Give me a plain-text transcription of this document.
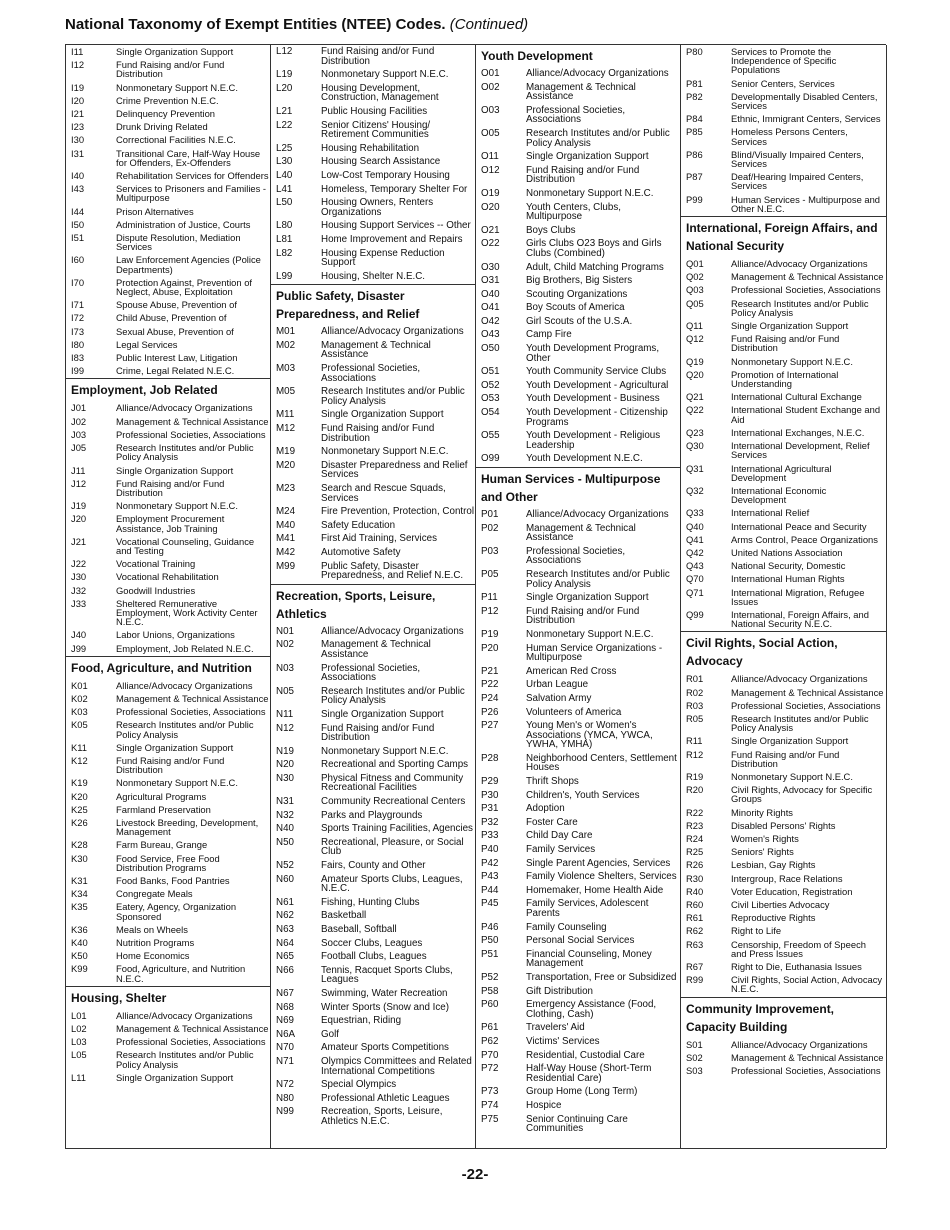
National Taxonomy of Exempt Entities (NTEE) Codes. (Continued)
I11	Single Organization Support
I12	Fund Raising and/or Fund Distribution
I19	Nonmonetary Support N.E.C.
I20	Crime Prevention N.E.C.
I21	Delinquency Prevention
I23	Drunk Driving Related
I30	Correctional Facilities N.E.C.
I31	Transitional Care, Half-Way House for Offenders, Ex-Offenders
I40	Rehabilitation Services for Offenders
I43	Services to Prisoners and Families - Multipurpose
I44	Prison Alternatives
I50	Administration of Justice, Courts
I51	Dispute Resolution, Mediation Services
I60	Law Enforcement Agencies (Police Departments)
I70	Protection Against, Prevention of Neglect, Abuse, Exploitation
I71	Spouse Abuse, Prevention of
I72	Child Abuse, Prevention of
I73	Sexual Abuse, Prevention of
I80	Legal Services
I83	Public Interest Law, Litigation
I99	Crime, Legal Related N.E.C.
Employment, Job Related
J01	Alliance/Advocacy Organizations
J02	Management & Technical Assistance
J03	Professional Societies, Associations
J05	Research Institutes and/or Public Policy Analysis
J11	Single Organization Support
J12	Fund Raising and/or Fund Distribution
J19	Nonmonetary Support N.E.C.
J20	Employment Procurement Assistance, Job Training
J21	Vocational Counseling, Guidance and Testing
J22	Vocational Training
J30	Vocational Rehabilitation
J32	Goodwill Industries
J33	Sheltered Remunerative Employment, Work Activity Center N.E.C.
J40	Labor Unions, Organizations
J99	Employment, Job Related N.E.C.
Food, Agriculture, and Nutrition
K01	Alliance/Advocacy Organizations
K02	Management & Technical Assistance
K03	Professional Societies, Associations
K05	Research Institutes and/or Public Policy Analysis
K11	Single Organization Support
K12	Fund Raising and/or Fund Distribution
K19	Nonmonetary Support N.E.C.
K20	Agricultural Programs
K25	Farmland Preservation
K26	Livestock Breeding, Development, Management
K28	Farm Bureau, Grange
K30	Food Service, Free Food Distribution Programs
K31	Food Banks, Food Pantries
K34	Congregate Meals
K35	Eatery, Agency, Organization Sponsored
K36	Meals on Wheels
K40	Nutrition Programs
K50	Home Economics
K99	Food, Agriculture, and Nutrition N.E.C.
Housing, Shelter
L01	Alliance/Advocacy Organizations
L02	Management & Technical Assistance
L03	Professional Societies, Associations
L05	Research Institutes and/or Public Policy Analysis
L11	Single Organization Support
L12	Fund Raising and/or Fund Distribution
L19	Nonmonetary Support N.E.C.
L20	Housing Development, Construction, Management
L21	Public Housing Facilities
L22	Senior Citizens' Housing/ Retirement Communities
L25	Housing Rehabilitation
L30	Housing Search Assistance
L40	Low-Cost Temporary Housing
L41	Homeless, Temporary Shelter For
L50	Housing Owners, Renters Organizations
L80	Housing Support Services -- Other
L81	Home Improvement and Repairs
L82	Housing Expense Reduction Support
L99	Housing, Shelter N.E.C.
Public Safety, Disaster Preparedness, and Relief
M01	Alliance/Advocacy Organizations
M02	Management & Technical Assistance
M03	Professional Societies, Associations
M05	Research Institutes and/or Public Policy Analysis
M11	Single Organization Support
M12	Fund Raising and/or Fund Distribution
M19	Nonmonetary Support N.E.C.
M20	Disaster Preparedness and Relief Services
M23	Search and Rescue Squads, Services
M24	Fire Prevention, Protection, Control
M40	Safety Education
M41	First Aid Training, Services
M42	Automotive Safety
M99	Public Safety, Disaster Preparedness, and Relief N.E.C.
Recreation, Sports, Leisure, Athletics
N01	Alliance/Advocacy Organizations
N02	Management & Technical Assistance
N03	Professional Societies, Associations
N05	Research Institutes and/or Public Policy Analysis
N11	Single Organization Support
N12	Fund Raising and/or Fund Distribution
N19	Nonmonetary Support N.E.C.
N20	Recreational and Sporting Camps
N30	Physical Fitness and Community Recreational Facilities
N31	Community Recreational Centers
N32	Parks and Playgrounds
N40	Sports Training Facilities, Agencies
N50	Recreational, Pleasure, or Social Club
N52	Fairs, County and Other
N60	Amateur Sports Clubs, Leagues, N.E.C.
N61	Fishing, Hunting Clubs
N62	Basketball
N63	Baseball, Softball
N64	Soccer Clubs, Leagues
N65	Football Clubs, Leagues
N66	Tennis, Racquet Sports Clubs, Leagues
N67	Swimming, Water Recreation
N68	Winter Sports (Snow and Ice)
N69	Equestrian, Riding
N6A	Golf
N70	Amateur Sports Competitions
N71	Olympics Committees and Related International Competitions
N72	Special Olympics
N80	Professional Athletic Leagues
N99	Recreation, Sports, Leisure, Athletics N.E.C.
Youth Development
O01	Alliance/Advocacy Organizations
O02	Management & Technical Assistance
O03	Professional Societies, Associations
O05	Research Institutes and/or Public Policy Analysis
O11	Single Organization Support
O12	Fund Raising and/or Fund Distribution
O19	Nonmonetary Support N.E.C.
O20	Youth Centers, Clubs, Multipurpose
O21	Boys Clubs
O22	Girls Clubs O23 Boys and Girls Clubs (Combined)
O30	Adult, Child Matching Programs
O31	Big Brothers, Big Sisters
O40	Scouting Organizations
O41	Boy Scouts of America
O42	Girl Scouts of the U.S.A.
O43	Camp Fire
O50	Youth Development Programs, Other
O51	Youth Community Service Clubs
O52	Youth Development - Agricultural
O53	Youth Development - Business
O54	Youth Development - Citizenship Programs
O55	Youth Development - Religious Leadership
O99	Youth Development N.E.C.
Human Services - Multipurpose and Other
P01	Alliance/Advocacy Organizations
P02	Management & Technical Assistance
P03	Professional Societies, Associations
P05	Research Institutes and/or Public Policy Analysis
P11	Single Organization Support
P12	Fund Raising and/or Fund Distribution
P19	Nonmonetary Support N.E.C.
P20	Human Service Organizations - Multipurpose
P21	American Red Cross
P22	Urban League
P24	Salvation Army
P26	Volunteers of America
P27	Young Men's or Women's Associations (YMCA, YWCA, YWHA, YMHA)
P28	Neighborhood Centers, Settlement Houses
P29	Thrift Shops
P30	Children's, Youth Services
P31	Adoption
P32	Foster Care
P33	Child Day Care
P40	Family Services
P42	Single Parent Agencies, Services
P43	Family Violence Shelters, Services
P44	Homemaker, Home Health Aide
P45	Family Services, Adolescent Parents
P46	Family Counseling
P50	Personal Social Services
P51	Financial Counseling, Money Management
P52	Transportation, Free or Subsidized
P58	Gift Distribution
P60	Emergency Assistance (Food, Clothing, Cash)
P61	Travelers' Aid
P62	Victims' Services
P70	Residential, Custodial Care
P72	Half-Way House (Short-Term Residential Care)
P73	Group Home (Long Term)
P74	Hospice
P75	Senior Continuing Care Communities
P80	Services to Promote the Independence of Specific Populations
P81	Senior Centers, Services
P82	Developmentally Disabled Centers, Services
P84	Ethnic, Immigrant Centers, Services
P85	Homeless Persons Centers, Services
P86	Blind/Visually Impaired Centers, Services
P87	Deaf/Hearing Impaired Centers, Services
P99	Human Services - Multipurpose and Other N.E.C.
International, Foreign Affairs, and National Security
Q01	Alliance/Advocacy Organizations
Q02	Management & Technical Assistance
Q03	Professional Societies, Associations
Q05	Research Institutes and/or Public Policy Analysis
Q11	Single Organization Support
Q12	Fund Raising and/or Fund Distribution
Q19	Nonmonetary Support N.E.C.
Q20	Promotion of International Understanding
Q21	International Cultural Exchange
Q22	International Student Exchange and Aid
Q23	International Exchanges, N.E.C.
Q30	International Development, Relief Services
Q31	International Agricultural Development
Q32	International Economic Development
Q33	International Relief
Q40	International Peace and Security
Q41	Arms Control, Peace Organizations
Q42	United Nations Association
Q43	National Security, Domestic
Q70	International Human Rights
Q71	International Migration, Refugee Issues
Q99	International, Foreign Affairs, and National Security N.E.C.
Civil Rights, Social Action, Advocacy
R01	Alliance/Advocacy Organizations
R02	Management & Technical Assistance
R03	Professional Societies, Associations
R05	Research Institutes and/or Public Policy Analysis
R11	Single Organization Support
R12	Fund Raising and/or Fund Distribution
R19	Nonmonetary Support N.E.C.
R20	Civil Rights, Advocacy for Specific Groups
R22	Minority Rights
R23	Disabled Persons' Rights
R24	Women's Rights
R25	Seniors' Rights
R26	Lesbian, Gay Rights
R30	Intergroup, Race Relations
R40	Voter Education, Registration
R60	Civil Liberties Advocacy
R61	Reproductive Rights
R62	Right to Life
R63	Censorship, Freedom of Speech and Press Issues
R67	Right to Die, Euthanasia Issues
R99	Civil Rights, Social Action, Advocacy N.E.C.
Community Improvement, Capacity Building
S01	Alliance/Advocacy Organizations
S02	Management & Technical Assistance
S03	Professional Societies, Associations
-22-
